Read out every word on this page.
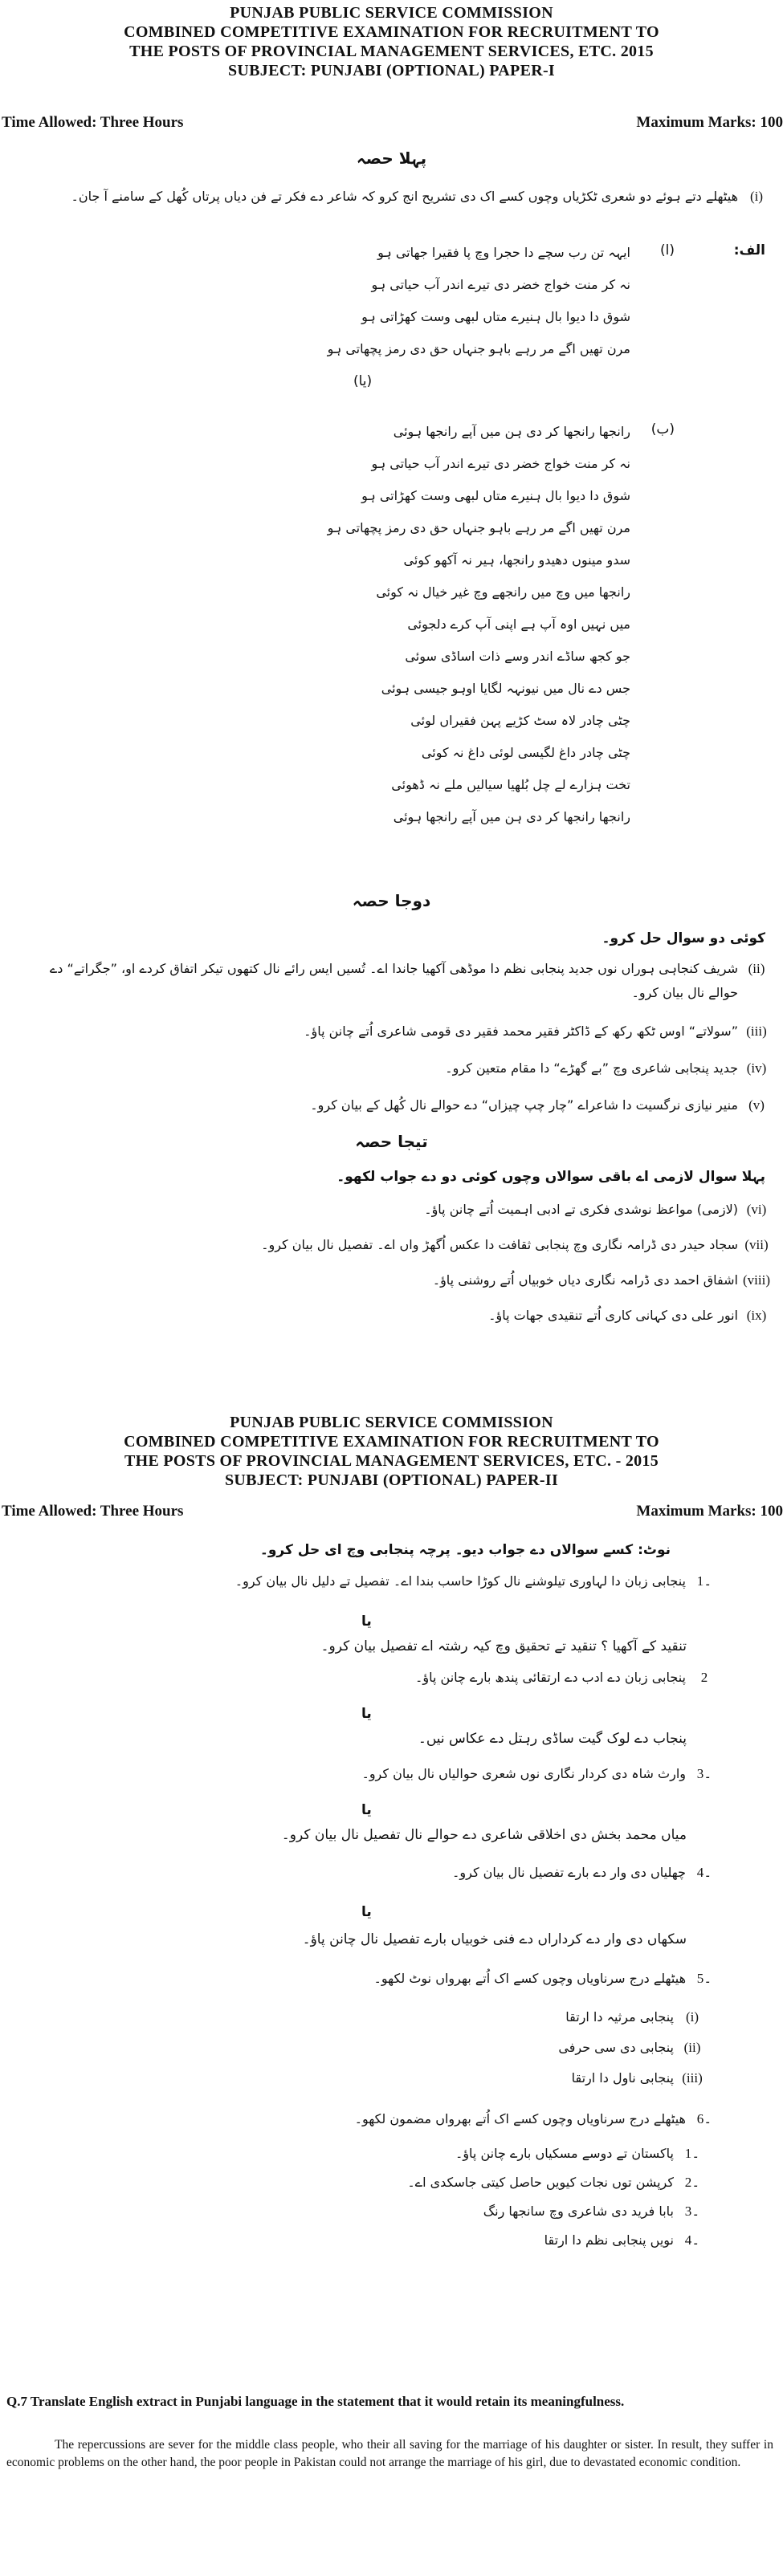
PUNJAB PUBLIC SERVICE COMMISSION
COMBINED COMPETITIVE EXAMINATION FOR RECRUITMENT TO
THE POSTS OF PROVINCIAL MANAGEMENT SERVICES, ETC. 2015
SUBJECT: PUNJABI (OPTIONAL) PAPER-I
Time Allowed: Three Hours	Maximum Marks: 100
پہلا حصہ
(i)
ھیٹھلے دتے ہوئے دو شعری ٹکڑیاں وچوں کسے اک دی تشریح انج کرو کہ شاعر دے فکر تے فن دیاں پرتاں کُھل کے سامنے آ جان۔
الف:
(ا)
ایہہ تن رب سچے دا حجرا وچ پا فقیرا جھاتی ہو
نہ کر منت خواج خضر دی تیرے اندر آب حیاتی ہو
شوق دا دیوا بال ہنیرے متاں لبھی وست کھڑاتی ہو
مرن تھیں اگے مر رہے باہو جنہاں حق دی رمز پچھاتی ہو
(یا)
(ب)
رانجھا رانجھا کر دی ہن میں آپے رانجھا ہوئی
نہ کر منت خواج خضر دی تیرے اندر آب حیاتی ہو
شوق دا دیوا بال ہنیرے متاں لبھی وست کھڑاتی ہو
مرن تھیں اگے مر رہے باہو جنہاں حق دی رمز پچھاتی ہو
سدو مینوں دھیدو رانجھا، ہیر نہ آکھو کوئی
رانجھا میں وچ میں رانجھے وچ غیر خیال نہ کوئی
میں نہیں اوہ آپ ہے اپنی آپ کرے دلجوئی
جو کجھ ساڈے اندر وسے ذات اساڈی سوئی
جس دے نال میں نیونہہ لگایا اوہو جیسی ہوئی
چٹی چادر لاہ سٹ کڑیے پہن فقیراں لوئی
چٹی چادر داغ لگیسی لوئی داغ نہ کوئی
تخت ہزارے لے چل بُلھیا سیالیں ملے نہ ڈھوئی
رانجھا رانجھا کر دی ہن میں آپے رانجھا ہوئی
دوجا حصہ
کوئی دو سوال حل کرو۔
(ii)
شریف کنجاہی ہوراں نوں جدید پنجابی نظم دا موڈھی آکھیا جاندا اے۔ تُسیں ایس رائے نال کتھوں تیکر اتفاق کردے او، ”جگراتے“ دے حوالے نال بیان کرو۔
(iii)
”سولاتے“ اوس ٹکھ رکھ کے ڈاکٹر فقیر محمد فقیر دی قومی شاعری اُتے چانن پاؤ۔
(iv)
جدید پنجابی شاعری وچ ”بے گھڑے“ دا مقام متعین کرو۔
(v)
منیر نیازی نرگسیت دا شاعراے ”چار چپ چیزاں“ دے حوالے نال کُھل کے بیان کرو۔
تیجا حصہ
پہلا سوال لازمی اے باقی سوالاں وچوں کوئی دو دے جواب لکھو۔
(vi)
(لازمی) مواعظ نوشدی فکری تے ادبی اہمیت اُتے چانن پاؤ۔
(vii)
سجاد حیدر دی ڈرامہ نگاری وچ پنجابی ثقافت دا عکس اُگھڑ واں اے۔ تفصیل نال بیان کرو۔
(viii)
اشفاق احمد دی ڈرامہ نگاری دیاں خوبیاں اُتے روشنی پاؤ۔
(ix)
انور علی دی کہانی کاری اُتے تنقیدی جھات پاؤ۔
PUNJAB PUBLIC SERVICE COMMISSION
COMBINED COMPETITIVE EXAMINATION FOR RECRUITMENT TO
THE POSTS OF PROVINCIAL MANAGEMENT SERVICES, ETC. - 2015
SUBJECT: PUNJABI (OPTIONAL) PAPER-II
Time Allowed: Three Hours	Maximum Marks: 100
نوٹ: کسے سوالاں دے جواب دیو۔ پرچہ پنجابی وچ ای حل کرو۔
1۔
پنجابی زبان دا لہاوری تیلوشنے نال کوڑا حاسب بندا اے۔ تفصیل تے دلیل نال بیان کرو۔
یا
تنقید کے آکھیا ؟ تنقید تے تحقیق وچ کیہ رشتہ اے تفصیل بیان کرو۔
2
پنجابی زبان دے ادب دے ارتقائی پندھ بارے چانن پاؤ۔
یا
پنجاب دے لوک گیت ساڈی رہتل دے عکاس نیں۔
3۔
وارث شاہ دی کردار نگاری نوں شعری حوالیاں نال بیان کرو۔
یا
میاں محمد بخش دی اخلاقی شاعری دے حوالے نال تفصیل نال بیان کرو۔
4۔
چھلیاں دی وار دے بارے تفصیل نال بیان کرو۔
یا
سکھاں دی وار دے کرداراں دے فنی خوبیاں بارے تفصیل نال چانن پاؤ۔
5۔
ھیٹھلے درج سرناویاں وچوں کسے اک اُتے بھرواں نوٹ لکھو۔
(i)
پنجابی مرثیہ دا ارتقا
(ii)
پنجابی دی سی حرفی
(iii)
پنجابی ناول دا ارتقا
6۔
ھیٹھلے درج سرناویاں وچوں کسے اک اُتے بھرواں مضمون لکھو۔
1۔
پاکستان تے دوسے مسکیاں بارے چانن پاؤ۔
2۔
کرپشن توں نجات کیویں حاصل کیتی جاسکدی اے۔
3۔
بابا فرید دی شاعری وچ سانجھا رنگ
4۔
نویں پنجابی نظم دا ارتقا
Q.7 Translate English extract in Punjabi language in the statement that it would retain its meaningfulness.
The repercussions are sever for the middle class people, who their all saving for the marriage of his daughter or sister. In result, they suffer in economic problems on the other hand, the poor people in Pakistan could not arrange the marriage of his girl, due to devastated economic condition.
